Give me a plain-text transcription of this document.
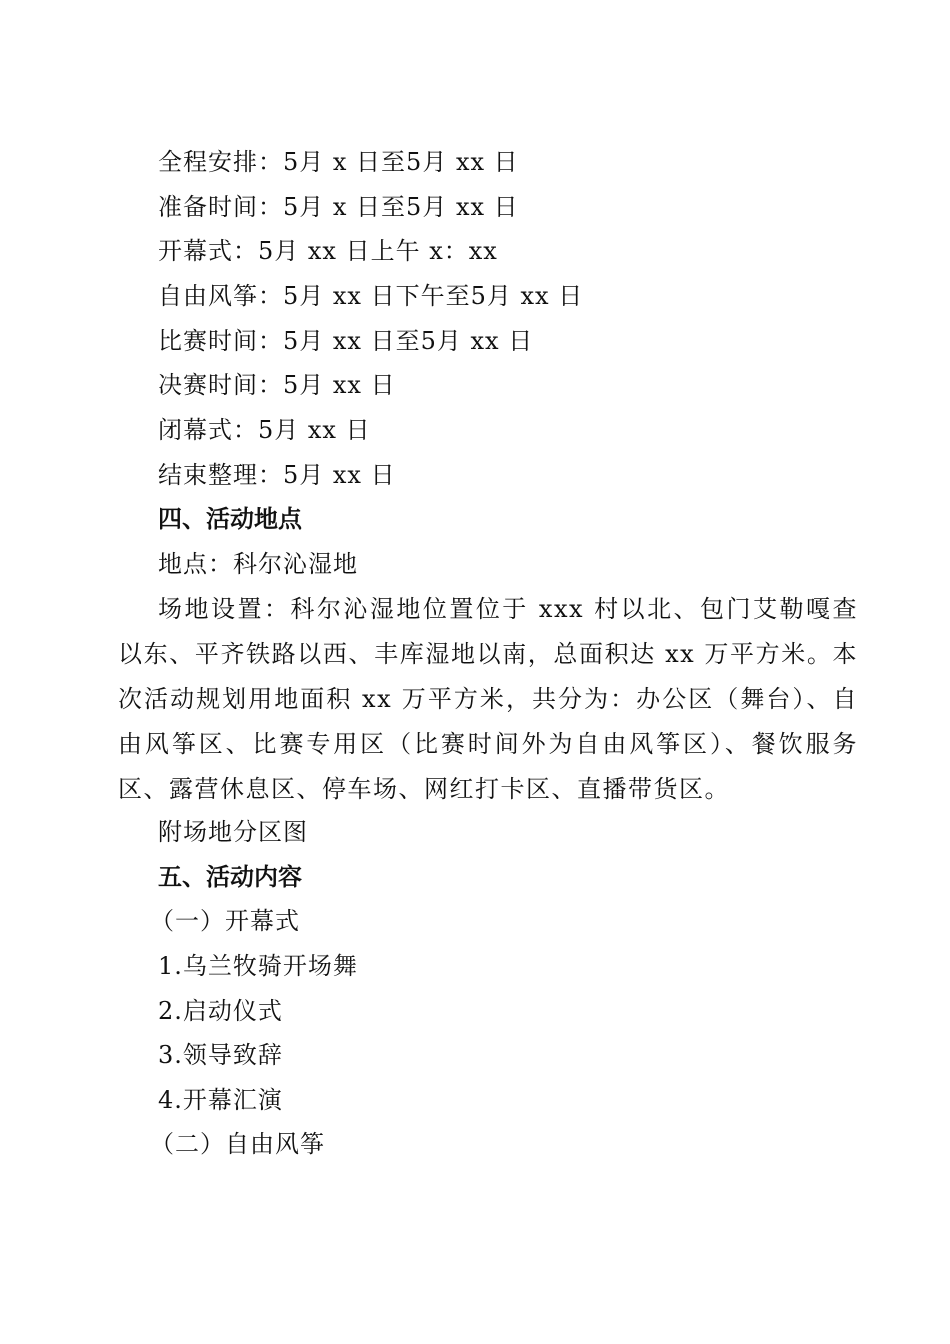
全程安排：5月 x 日至5月 xx 日
准备时间：5月 x 日至5月 xx 日
开幕式：5月 xx 日上午 x：xx
自由风筝：5月 xx 日下午至5月 xx 日
比赛时间：5月 xx 日至5月 xx 日
决赛时间：5月 xx 日
闭幕式：5月 xx 日
结束整理：5月 xx 日
四、活动地点
地点：科尔沁湿地
场地设置：科尔沁湿地位置位于 xxx 村以北、包门艾勒嘎查以东、平齐铁路以西、丰库湿地以南，总面积达 xx 万平方米。本次活动规划用地面积 xx 万平方米，共分为：办公区（舞台）、自由风筝区、比赛专用区（比赛时间外为自由风筝区）、餐饮服务区、露营休息区、停车场、网红打卡区、直播带货区。
附场地分区图
五、活动内容
（一）开幕式
1.乌兰牧骑开场舞
2.启动仪式
3.领导致辞
4.开幕汇演
（二）自由风筝
